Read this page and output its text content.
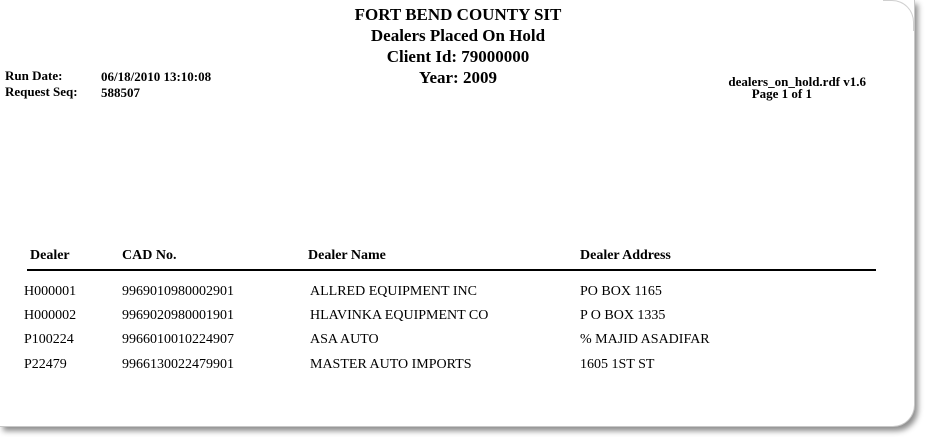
FORT BEND COUNTY SIT
Dealers Placed On Hold
Client Id: 79000000
Year: 2009
Run Date:	06/18/2010 13:10:08
Request Seq: 588507
dealers_on_hold.rdf v1.6
Page 1 of 1
Dealer	CAD No.	Dealer Name	Dealer Address
H000001	9969010980002901	ALLRED EQUIPMENT INC	PO BOX 1165
H000002	9969020980001901	HLAVINKA EQUIPMENT CO	P O BOX 1335
P100224	9966010010224907	ASA AUTO	% MAJID ASADIFAR
P22479	9966130022479901	MASTER AUTO IMPORTS	1605 1ST ST
